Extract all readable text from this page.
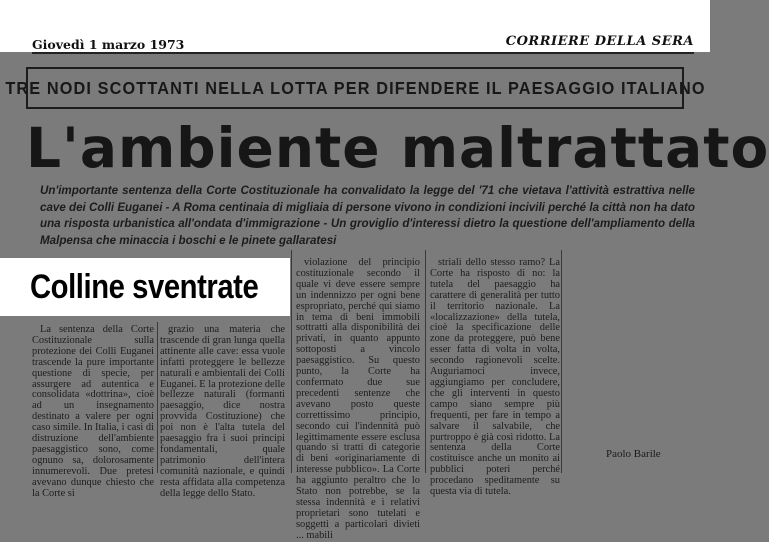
Giovedì 1 marzo 1973	CORRIERE DELLA SERA
TRE NODI SCOTTANTI NELLA LOTTA PER DIFENDERE IL PAESAGGIO ITALIANO
L'ambiente maltrattato
Un'importante sentenza della Corte Costituzionale ha convalidato la legge del '71 che vietava l'attività estrattiva nelle cave dei Colli Euganei - A Roma centinaia di migliaia di persone vivono in condizioni incivili perché la città non ha dato una risposta urbanistica all'ondata d'immigrazione - Un groviglio d'interessi dietro la questione dell'ampliamento della Malpensa che minaccia i boschi e le pinete gallaratesi
Colline sventrate

La sentenza della Corte Costituzionale sulla protezione dei Colli Euganei trascende la pure importante questione di specie, per assurgere ad autentica e consolidata «dottrina», cioè ad un insegnamento destinato a valere per ogni caso simile. In Italia, i casi di distruzione dell'ambiente paesaggistico sono, come ognuno sa, dolorosamente innumerevoli. Due pretesi avevano dunque chiesto che la Corte si

grazio una materia che trascende di gran lunga quella attinente alle cave: essa vuole infatti proteggere le bellezze naturali e ambientali dei Colli Euganei. E la protezione delle bellezze naturali (formanti paesaggio, dice nostra provvida Costituzione) che poi non è l'alta tutela del paesaggio fra i suoi principi fondamentali, quale patrimonio dell'intera comunità nazionale, e quindi resta affidata alla competenza della legge dello Stato.

violazione del principio costituzionale secondo il quale vi deve essere sempre un indennizzo per ogni bene espropriato, perché qui siamo in tema di beni immobili sottratti alla disponibilità dei privati, in quanto appunto sottoposti a vincolo paesaggistico. Su questo punto, la Corte ha confermato due sue precedenti sentenze che avevano posto queste correttissimo principio, secondo cui l'indennità può legittimamente essere esclusa quando si tratti di categorie di beni «originariamente di interesse pubblico». La Corte ha aggiunto peraltro che lo Stato non potrebbe, se la stessa indennità e i relativi proprietari sono tutelati e soggetti a particolari divieti ... mabili

striali dello stesso ramo? La Corte ha risposto di no: la tutela del paesaggio ha carattere di generalità per tutto il territorio nazionale. La «localizzazione» della tutela, cioè la specificazione delle zone da proteggere, può bene esser fatta di volta in volta, secondo ragionevoli scelte. Auguriamoci invece, aggiungiamo per concludere, che gli interventi in questo campo siano sempre più frequenti, per fare in tempo a salvare il salvabile, che purtroppo è già così ridotto. La sentenza della Corte costituisce anche un monito ai pubblici poteri perché procedano speditamente su questa via di tutela.

Paolo Barile
